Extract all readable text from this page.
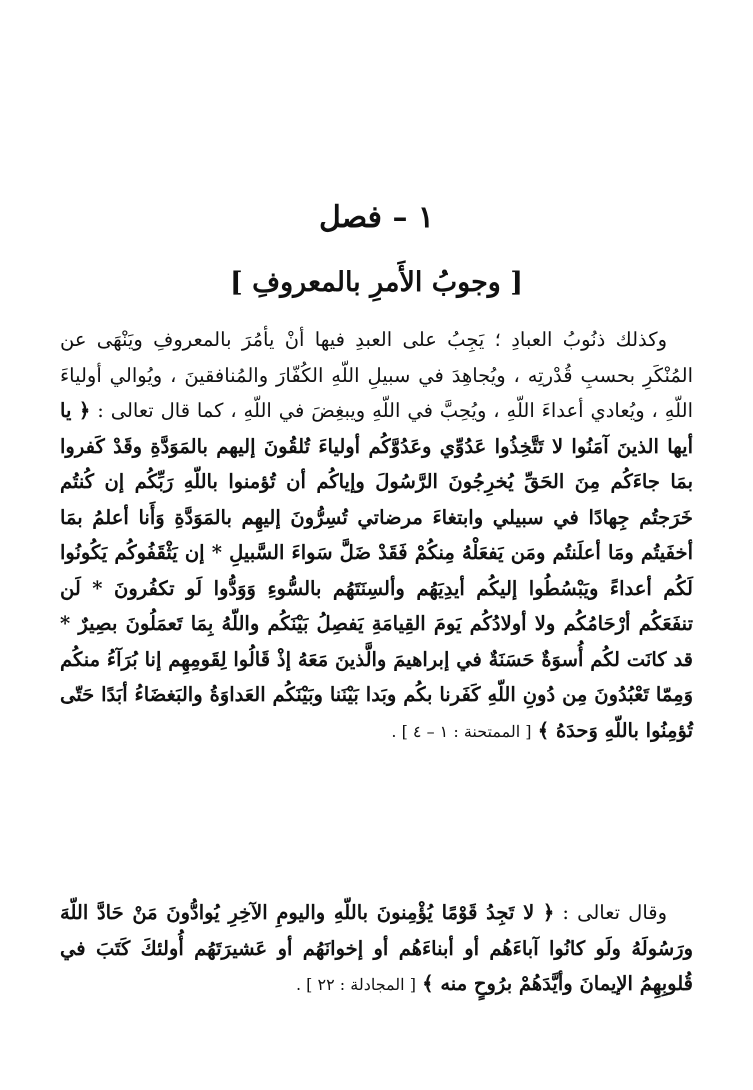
١ – فصل
[ وجوبُ الأَمرِ بالمعروفِ ]

وكذلك ذنُوبُ العبادِ ؛ يَجِبُ على العبدِ فيها أنْ يأمُرَ بالمعروفِ ويَنْهَى عن المُنْكَرِ بحسبِ قُدْرتِه ، ويُجاهِدَ في سبيلِ اللّهِ الكُفّارَ والمُنافقينَ ، ويُوالي أولياءَ اللّهِ ، ويُعادي أعداءَ اللّهِ ، ويُحِبَّ في اللّهِ ويبغِضَ في اللّهِ ، كما قال تعالى : ﴿ يا أيها الذينَ آمَنُوا لا تَتَّخِذُوا عَدُوِّي وعَدُوَّكُم أولياءَ تُلقُونَ إليهم بالمَوَدَّةِ وقَدْ كَفروا بمَا جاءَكُم مِنَ الحَقِّ يُخرِجُونَ الرَّسُولَ وإياكُم أن تُؤمنوا باللّهِ رَبِّكُم إن كُنتُم خَرَجتُم جِهادًا في سبيلي وابتغاءَ مرضاتي تُسِرُّونَ إليهِم بالمَوَدَّةِ وَأَنا أعلمُ بمَا أخفَيتُم ومَا أعلَنتُم ومَن يَفعَلْهُ مِنكُمْ فَقَدْ ضَلَّ سَواءَ السَّبيلِ * إن يَثْقَفُوكُم يَكُونُوا لَكُم أعداءً ويَبْسُطُوا إليكُم أيدِيَهُم وألسِنَتَهُم بالسُّوءِ وَوَدُّوا لَو تكفُرونَ * لَن تنفَعَكُم أرْحَامُكُم ولا أولادُكُم يَومَ القِيامَةِ يَفصِلُ بَيْنَكُم واللّهُ بِمَا تَعمَلُونَ بصِيرٌ * قد كانَت لكُم أُسوَةٌ حَسَنَةٌ في إبراهيمَ والَّذينَ مَعَهُ إذْ قَالُوا لِقَومِهِم إنا بُرَآءُ منكُم وَمِمّا تَعْبُدُونَ مِن دُونِ اللّهِ كَفَرنا بكُم وبَدا بَيْنَنا وبَيْنَكُم العَداوَةُ والبَغضَاءُ أبَدًا حَتّى تُؤمِنُوا باللّهِ وَحدَهُ ﴾ [ الممتحنة : ١ – ٤ ] .

وقال تعالى : ﴿ لا تَجِدُ قَوْمًا يُؤْمِنونَ باللّهِ واليومِ الآخِرِ يُوادُّونَ مَنْ حَادَّ اللّهَ ورَسُولَهُ ولَو كانُوا آباءَهُم أو أبناءَهُم أو إخوانَهُم أو عَشيرَتَهُم أُولئكَ كَتَبَ في قُلوبِهِمُ الإيمانَ وأيَّدَهُمْ برُوحٍ منه ﴾ [ المجادلة : ٢٢ ] .
